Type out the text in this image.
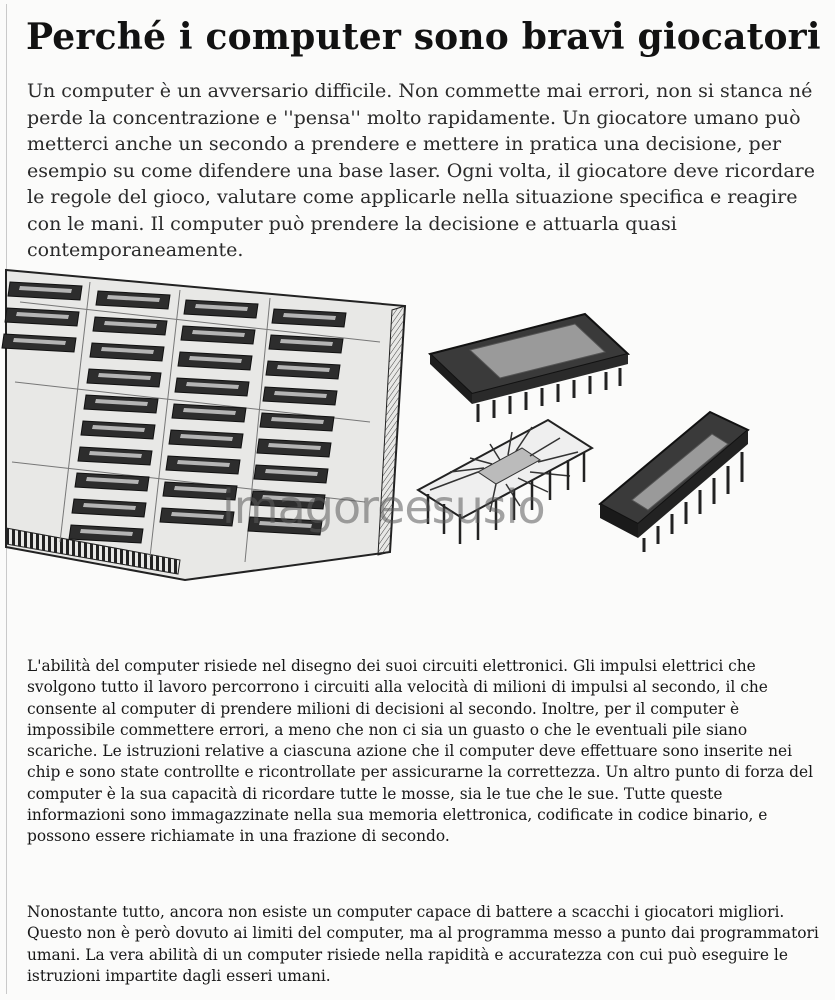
Perché i computer sono bravi giocatori

Un computer è un avversario difficile. Non commette mai errori, non si stanca né perde la concentrazione e ''pensa'' molto rapidamente. Un giocatore umano può metterci anche un secondo a prendere e mettere in pratica una decisione, per esempio su come difendere una base laser. Ogni volta, il giocatore deve ricordare le regole del gioco, valutare come applicarle nella situazione specifica e reagire con le mani. Il computer può prendere la decisione e attuarla quasi contemporaneamente.

imagoreesusio

L'abilità del computer risiede nel disegno dei suoi circuiti elettronici. Gli impulsi elettrici che svolgono tutto il lavoro percorrono i circuiti alla velocità di milioni di impulsi al secondo, il che consente al computer di prendere milioni di decisioni al secondo. Inoltre, per il computer è impossibile commettere errori, a meno che non ci sia un guasto o che le eventuali pile siano scariche. Le istruzioni relative a ciascuna azione che il computer deve effettuare sono inserite nei chip e sono state controllte e ricontrollate per assicurarne la correttezza. Un altro punto di forza del computer è la sua capacità di ricordare tutte le mosse, sia le tue che le sue. Tutte queste informazioni sono immagazzinate nella sua memoria elettronica, codificate in codice binario, e possono essere richiamate in una frazione di secondo.

Nonostante tutto, ancora non esiste un computer capace di battere a scacchi i giocatori migliori. Questo non è però dovuto ai limiti del computer, ma al programma messo a punto dai programmatori umani. La vera abilità di un computer risiede nella rapidità e accuratezza con cui può eseguire le istruzioni impartite dagli esseri umani.
